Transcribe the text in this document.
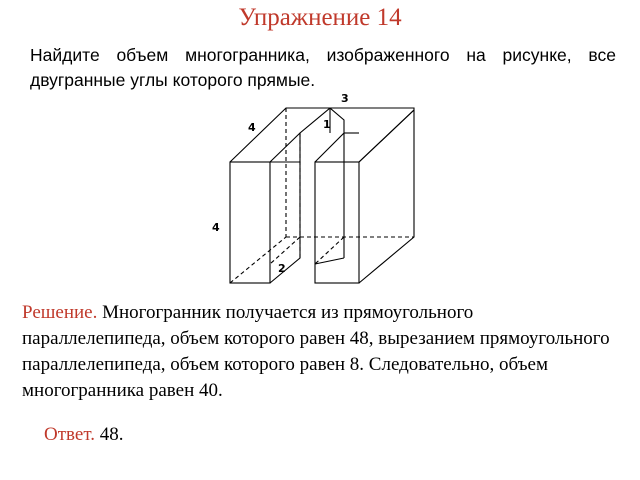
Упражнение 14
Найдите объем многогранника, изображенного на рисунке, все двугранные углы которого прямые.
3
4	1
4
2
Решение. Многогранник получается из прямоугольного параллелепипеда, объем которого равен 48, вырезанием прямоугольного параллелепипеда, объем которого равен 8. Следовательно, объем многогранника равен 40.
Ответ. 48.
